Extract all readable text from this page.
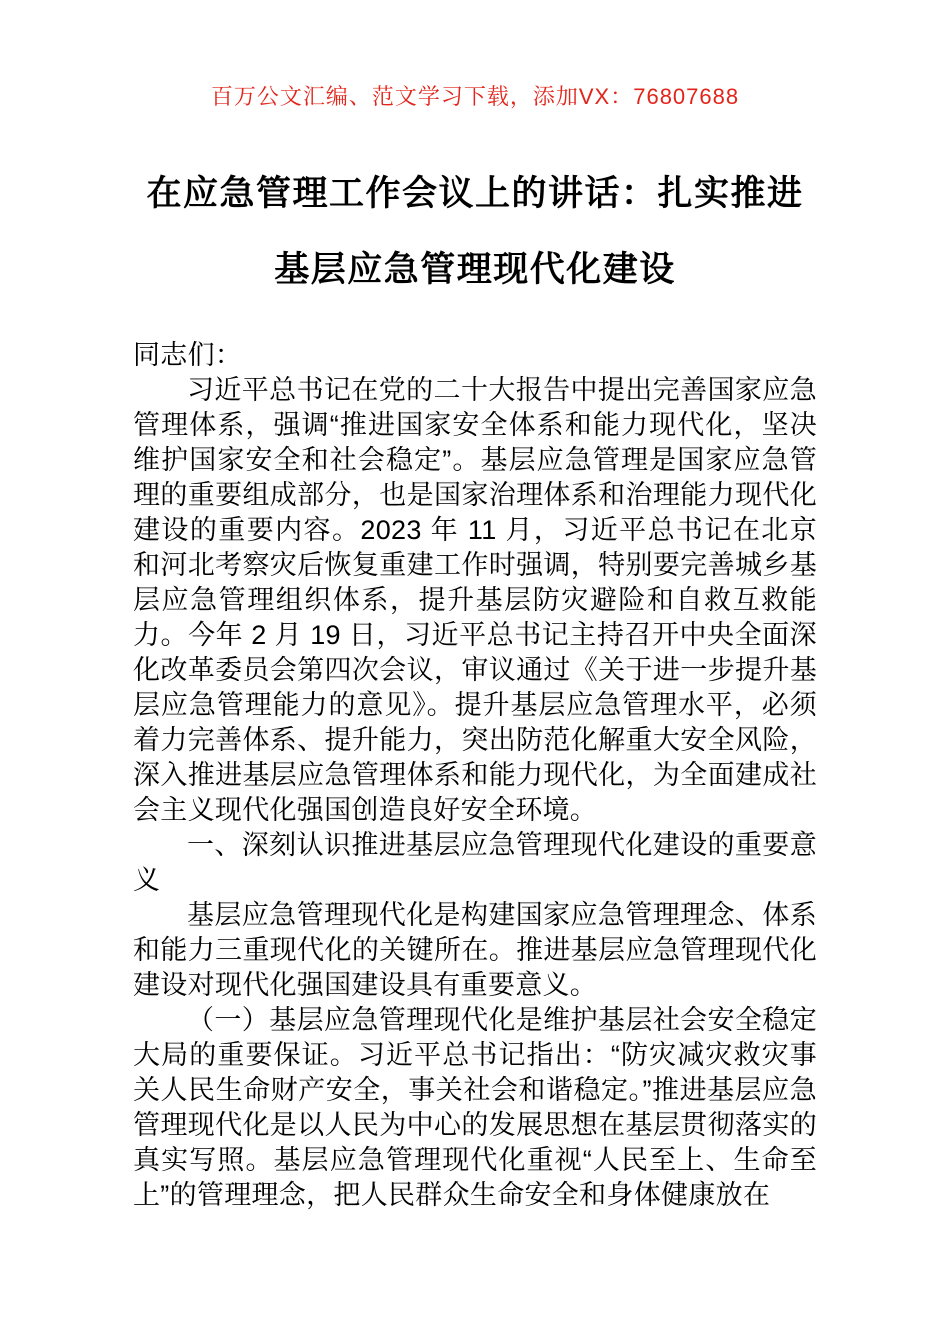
百万公文汇编、范文学习下载，添加VX：76807688
在应急管理工作会议上的讲话：扎实推进
基层应急管理现代化建设

同志们：

习近平总书记在党的二十大报告中提出完善国家应急管理体系，强调“推进国家安全体系和能力现代化，坚决维护国家安全和社会稳定”。基层应急管理是国家应急管理的重要组成部分，也是国家治理体系和治理能力现代化建设的重要内容。2023 年 11 月，习近平总书记在北京和河北考察灾后恢复重建工作时强调，特别要完善城乡基层应急管理组织体系，提升基层防灾避险和自救互救能力。今年 2 月 19 日，习近平总书记主持召开中央全面深化改革委员会第四次会议，审议通过《关于进一步提升基层应急管理能力的意见》。提升基层应急管理水平，必须着力完善体系、提升能力，突出防范化解重大安全风险，深入推进基层应急管理体系和能力现代化，为全面建成社会主义现代化强国创造良好安全环境。

一、深刻认识推进基层应急管理现代化建设的重要意义

基层应急管理现代化是构建国家应急管理理念、体系和能力三重现代化的关键所在。推进基层应急管理现代化建设对现代化强国建设具有重要意义。

（一）基层应急管理现代化是维护基层社会安全稳定大局的重要保证。习近平总书记指出：“防灾减灾救灾事关人民生命财产安全，事关社会和谐稳定。”推进基层应急管理现代化是以人民为中心的发展思想在基层贯彻落实的真实写照。基层应急管理现代化重视“人民至上、生命至上”的管理理念，把人民群众生命安全和身体健康放在
